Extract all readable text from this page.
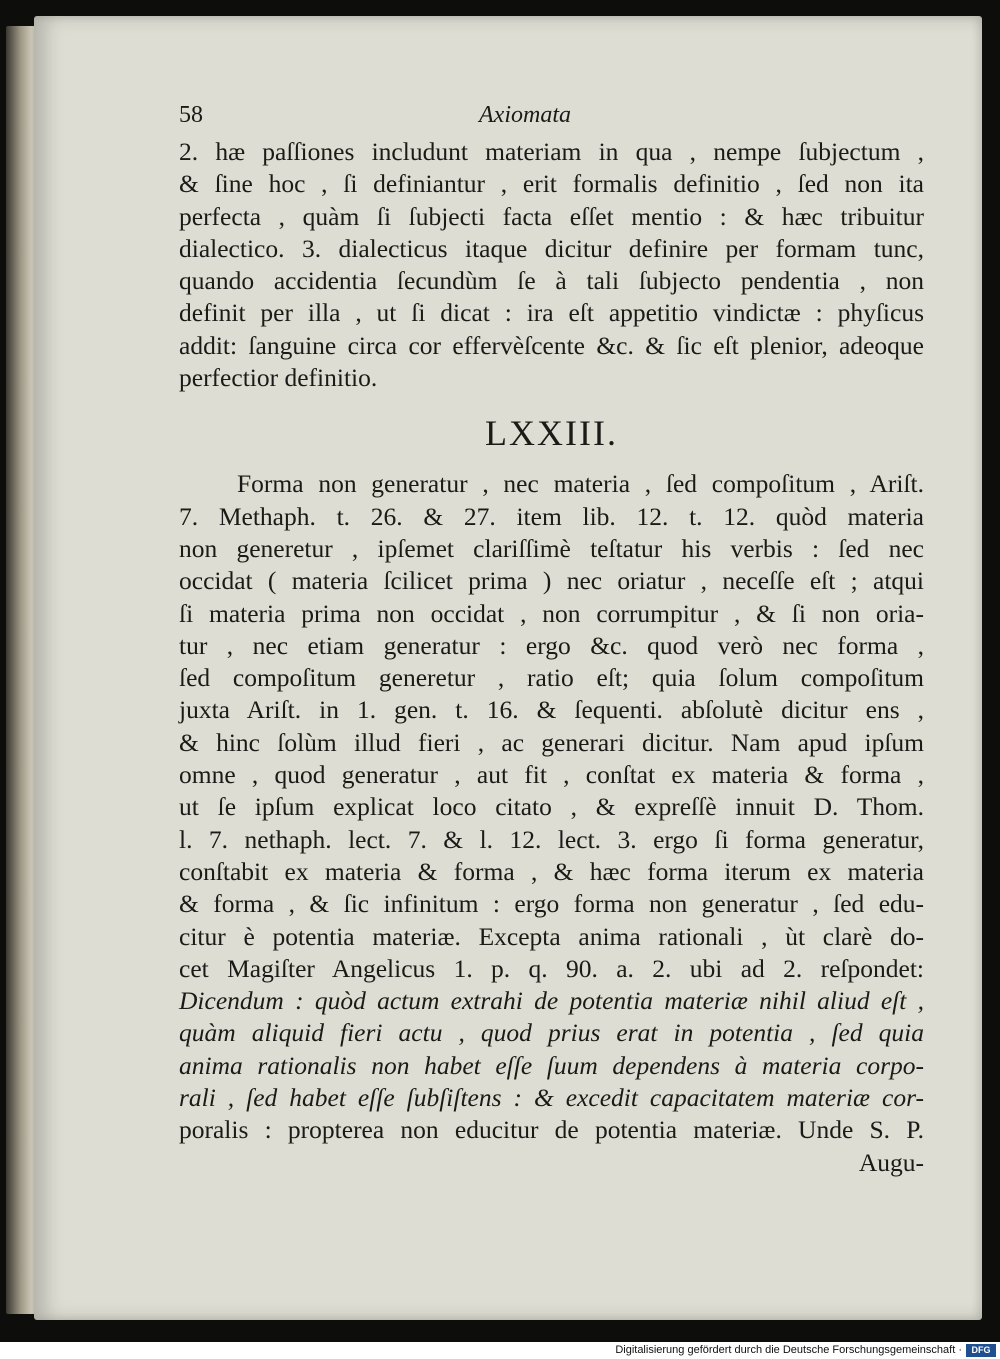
58	Axiomata
2. hæ paſſiones includunt materiam in qua , nempe ſubjectum ,
& ſine hoc , ſi definiantur , erit formalis definitio , ſed non ita
perfecta , quàm ſi ſubjecti facta eſſet mentio : & hæc tribuitur
dialectico. 3. dialecticus itaque dicitur definire per formam tunc,
quando accidentia ſecundùm ſe à tali ſubjecto pendentia , non
definit per illa , ut ſi dicat : ira eſt appetitio vindictæ : phyſicus
addit: ſanguine circa cor effervèſcente &c. & ſic eſt plenior, adeoque
perfectior definitio.
LXXIII.
Forma non generatur , nec materia , ſed compoſitum , Ariſt.
7. Methaph. t. 26. & 27. item lib. 12. t. 12. quòd materia
non generetur , ipſemet clariſſimè teſtatur his verbis : ſed nec
occidat ( materia ſcilicet prima ) nec oriatur , neceſſe eſt ; atqui
ſi materia prima non occidat , non corrumpitur , & ſi non oria-
tur , nec etiam generatur : ergo &c. quod verò nec forma ,
ſed compoſitum generetur , ratio eſt; quia ſolum compoſitum
juxta Ariſt. in 1. gen. t. 16. & ſequenti. abſolutè dicitur ens ,
& hinc ſolùm illud fieri , ac generari dicitur. Nam apud ipſum
omne , quod generatur , aut fit , conſtat ex materia & forma ,
ut ſe ipſum explicat loco citato , & expreſſè innuit D. Thom.
l. 7. nethaph. lect. 7. & l. 12. lect. 3. ergo ſi forma generatur,
conſtabit ex materia & forma , & hæc forma iterum ex materia
& forma , & ſic infinitum : ergo forma non generatur , ſed edu-
citur è potentia materiæ. Excepta anima rationali , ùt clarè do-
cet Magiſter Angelicus 1. p. q. 90. a. 2. ubi ad 2. reſpondet:
Dicendum : quòd actum extrahi de potentia materiæ nihil aliud eſt ,
quàm aliquid fieri actu , quod prius erat in potentia , ſed quia
anima rationalis non habet eſſe ſuum dependens à materia corpo-
rali , ſed habet eſſe ſubſiſtens : & excedit capacitatem materiæ cor-
poralis : propterea non educitur de potentia materiæ. Unde S. P.
Augu-
Digitalisierung gefördert durch die Deutsche Forschungsgemeinschaft ·	DFG
